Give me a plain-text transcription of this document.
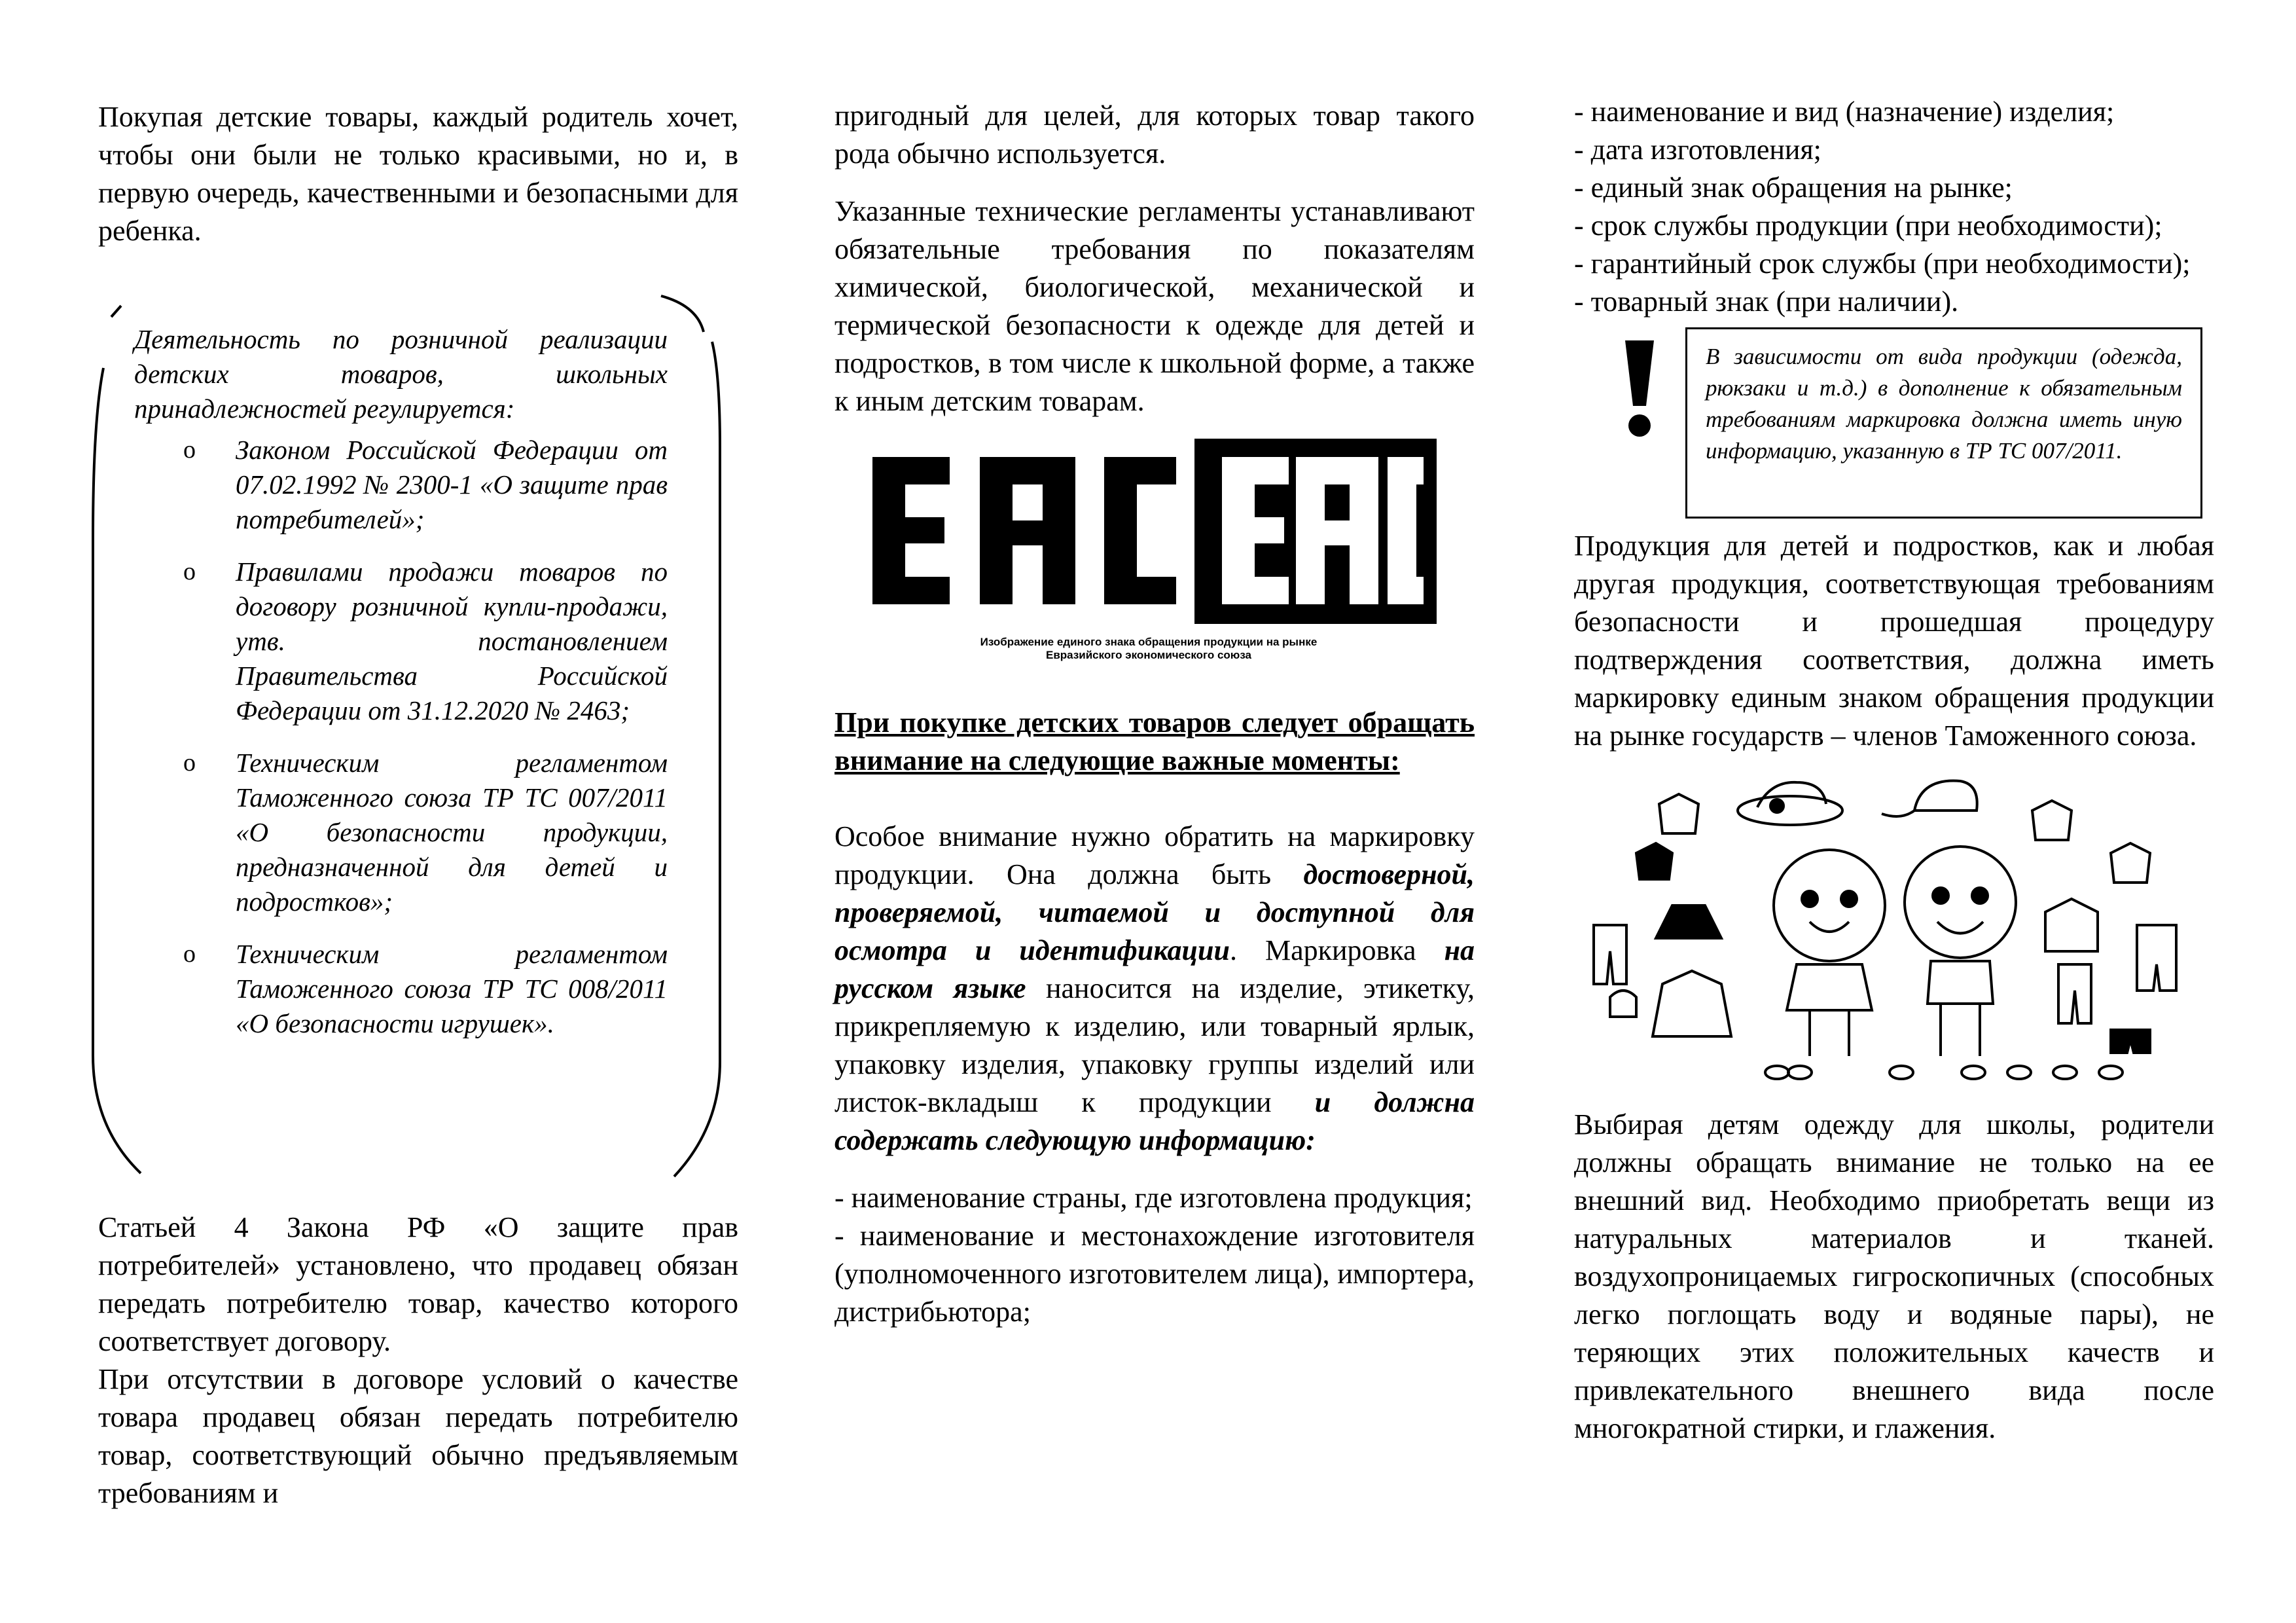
Покупая детские товары, каждый родитель хочет, чтобы они были не только красивыми, но и, в первую очередь, качественными и безопасными для ребенка.

Деятельность по розничной реализации детских товаров, школьных принадлежностей регулируется:

o Законом Российской Федерации от 07.02.1992 № 2300-1 «О защите прав потребителей»;
o Правилами продажи товаров по договору розничной купли-продажи, утв. постановлением Правительства Российской Федерации от 31.12.2020 № 2463;
o Техническим регламентом Таможенного союза ТР ТС 007/2011 «О безопасности продукции, предназначенной для детей и подростков»;
o Техническим регламентом Таможенного союза ТР ТС 008/2011 «О безопасности игрушек».

Статьей 4 Закона РФ «О защите прав потребителей» установлено, что продавец обязан передать потребителю товар, качество которого соответствует договору.

При отсутствии в договоре условий о качестве товара продавец обязан передать потребителю товар, соответствующий обычно предъявляемым требованиям и

пригодный для целей, для которых товар такого рода обычно используется.

Указанные технические регламенты устанавливают обязательные требования по показателям химической, биологической, механической и термической безопасности к одежде для детей и подростков, в том числе к школьной форме, а также к иным детским товарам.

Изображение единого знака обращения продукции на рынке
Евразийского экономического союза

При покупке детских товаров следует обращать внимание на следующие важные моменты:

Особое внимание нужно обратить на маркировку продукции. Она должна быть достоверной, проверяемой, читаемой и доступной для осмотра и идентификации. Маркировка на русском языке наносится на изделие, этикетку, прикрепляемую к изделию, или товарный ярлык, упаковку изделия, упаковку группы изделий или листок-вкладыш к продукции и должна содержать следующую информацию:

- наименование страны, где изготовлена продукция;

- наименование и местонахождение изготовителя (уполномоченного изготовителем лица), импортера, дистрибьютора;

- наименование и вид (назначение) изделия;

- дата изготовления;

- единый знак обращения на рынке;

- срок службы продукции (при необходимости);

- гарантийный срок службы (при необходимости);

- товарный знак (при наличии).

В зависимости от вида продукции (одежда, рюкзаки и т.д.) в дополнение к обязательным требованиям маркировка должна иметь иную информацию, указанную в ТР ТС 007/2011.

Продукция для детей и подростков, как и любая другая продукция, соответствующая требованиям безопасности и прошедшая процедуру подтверждения соответствия, должна иметь маркировку единым знаком обращения продукции на рынке государств – членов Таможенного союза.

Выбирая детям одежду для школы, родители должны обращать внимание не только на ее внешний вид. Необходимо приобретать вещи из натуральных материалов и тканей. воздухопроницаемых гигроскопичных (способных легко поглощать воду и водяные пары), не теряющих этих положительных качеств и привлекательного внешнего вида после многократной стирки, и глажения.
